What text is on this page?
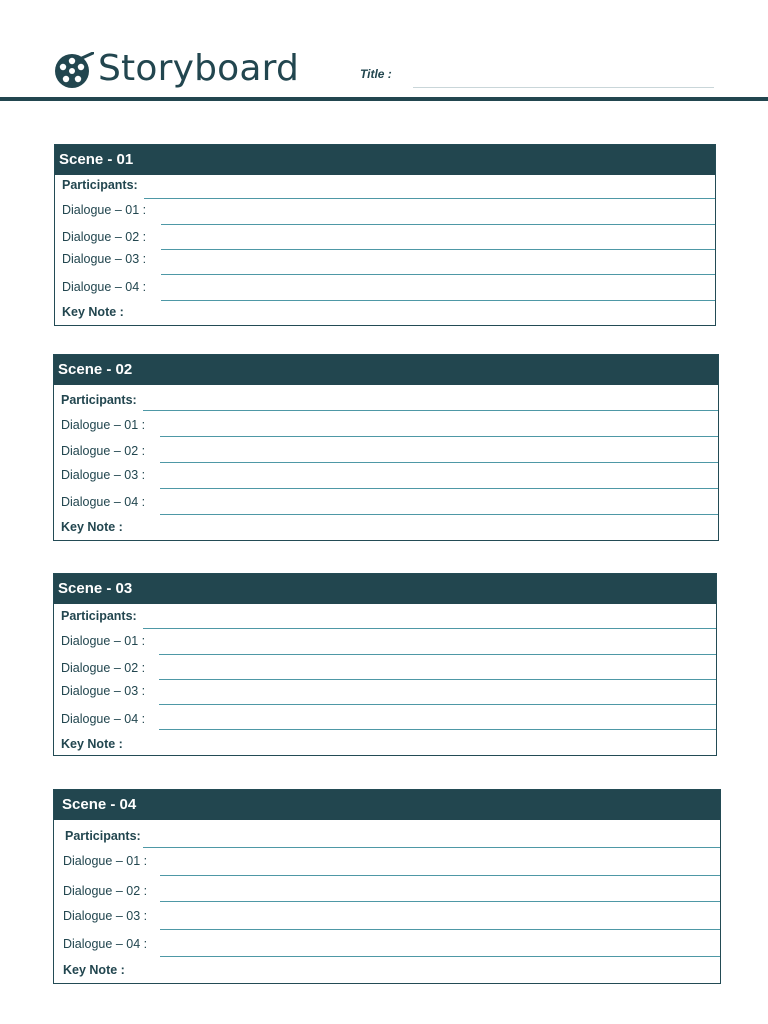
Storyboard	Title :
Scene - 01
Participants:
Dialogue – 01 :
Dialogue – 02 :
Dialogue – 03 :
Dialogue – 04 :
Key Note :
Scene - 02
Participants:
Dialogue – 01 :
Dialogue – 02 :
Dialogue – 03 :
Dialogue – 04 :
Key Note :
Scene - 03
Participants:
Dialogue – 01 :
Dialogue – 02 :
Dialogue – 03 :
Dialogue – 04 :
Key Note :
Scene - 04
Participants:
Dialogue – 01 :
Dialogue – 02 :
Dialogue – 03 :
Dialogue – 04 :
Key Note :
